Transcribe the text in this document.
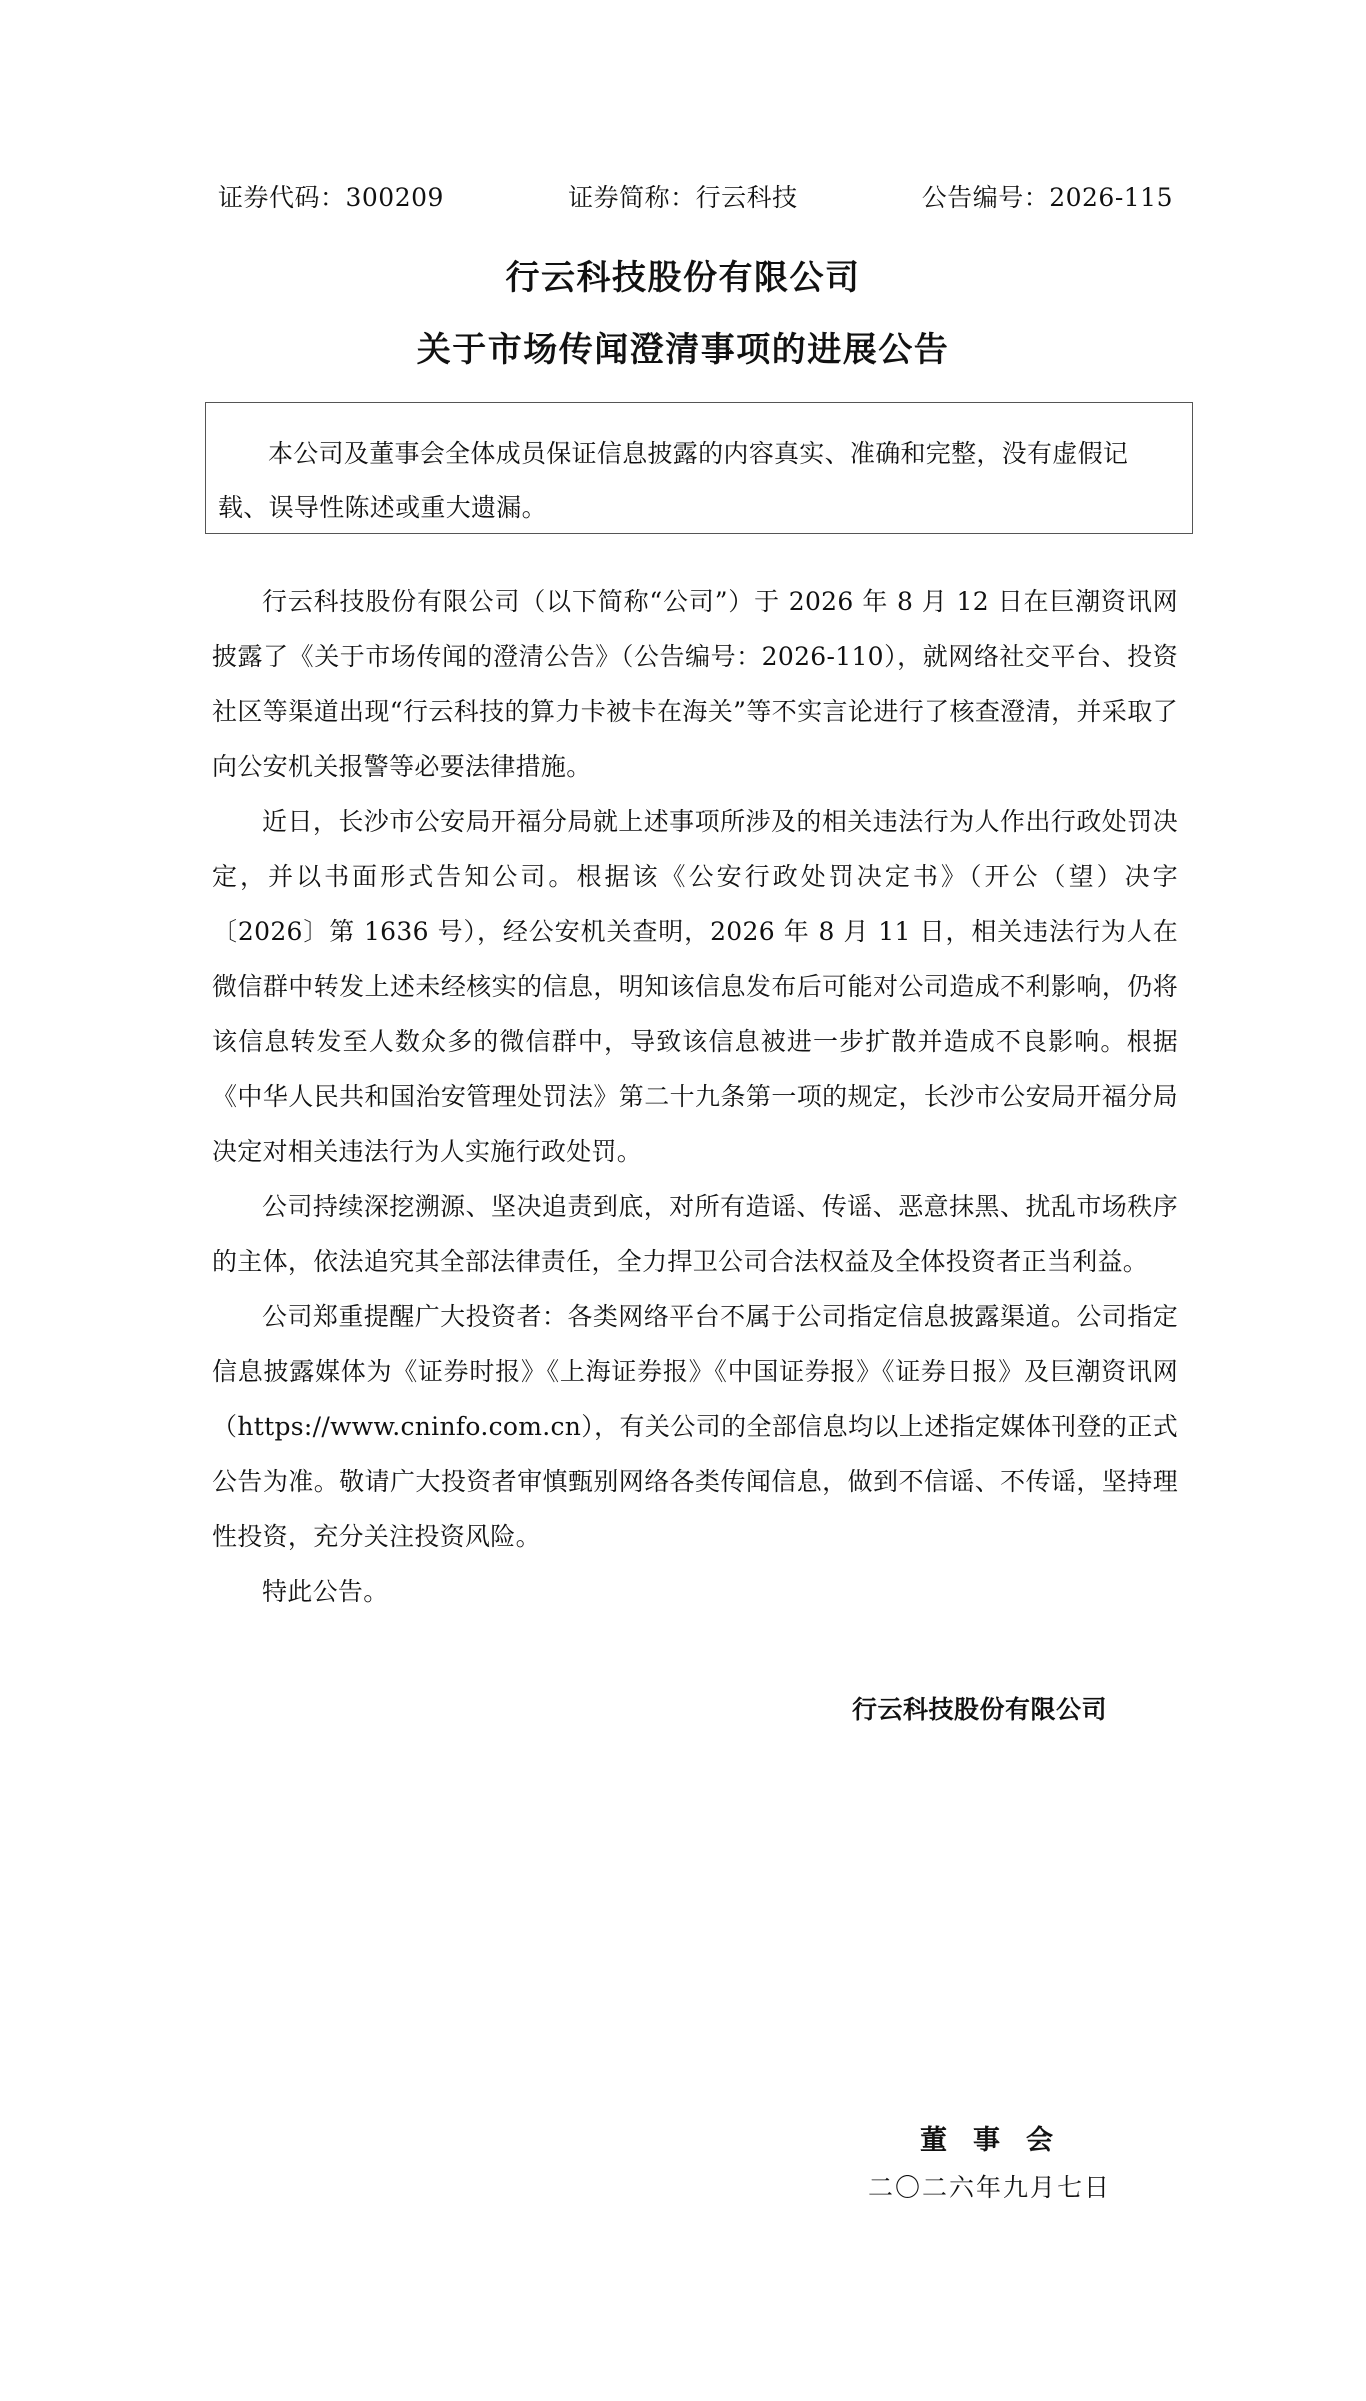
证券代码：300209	证券简称：行云科技	公告编号：2026-115
行云科技股份有限公司
关于市场传闻澄清事项的进展公告
本公司及董事会全体成员保证信息披露的内容真实、准确和完整，没有虚假记载、误导性陈述或重大遗漏。

行云科技股份有限公司（以下简称“公司”）于 2026 年 8 月 12 日在巨潮资讯网披露了《关于市场传闻的澄清公告》（公告编号：2026-110），就网络社交平台、投资社区等渠道出现“行云科技的算力卡被卡在海关”等不实言论进行了核查澄清，并采取了向公安机关报警等必要法律措施。

近日，长沙市公安局开福分局就上述事项所涉及的相关违法行为人作出行政处罚决定，并以书面形式告知公司。根据该《公安行政处罚决定书》（开公（望）决字〔2026〕第 1636 号），经公安机关查明，2026 年 8 月 11 日，相关违法行为人在微信群中转发上述未经核实的信息，明知该信息发布后可能对公司造成不利影响，仍将该信息转发至人数众多的微信群中，导致该信息被进一步扩散并造成不良影响。根据《中华人民共和国治安管理处罚法》第二十九条第一项的规定，长沙市公安局开福分局决定对相关违法行为人实施行政处罚。

公司持续深挖溯源、坚决追责到底，对所有造谣、传谣、恶意抹黑、扰乱市场秩序的主体，依法追究其全部法律责任，全力捍卫公司合法权益及全体投资者正当利益。

公司郑重提醒广大投资者：各类网络平台不属于公司指定信息披露渠道。公司指定信息披露媒体为《证券时报》《上海证券报》《中国证券报》《证券日报》及巨潮资讯网（https://www.cninfo.com.cn），有关公司的全部信息均以上述指定媒体刊登的正式公告为准。敬请广大投资者审慎甄别网络各类传闻信息，做到不信谣、不传谣，坚持理性投资，充分关注投资风险。

特此公告。

行云科技股份有限公司
董事会
二〇二六年九月七日
